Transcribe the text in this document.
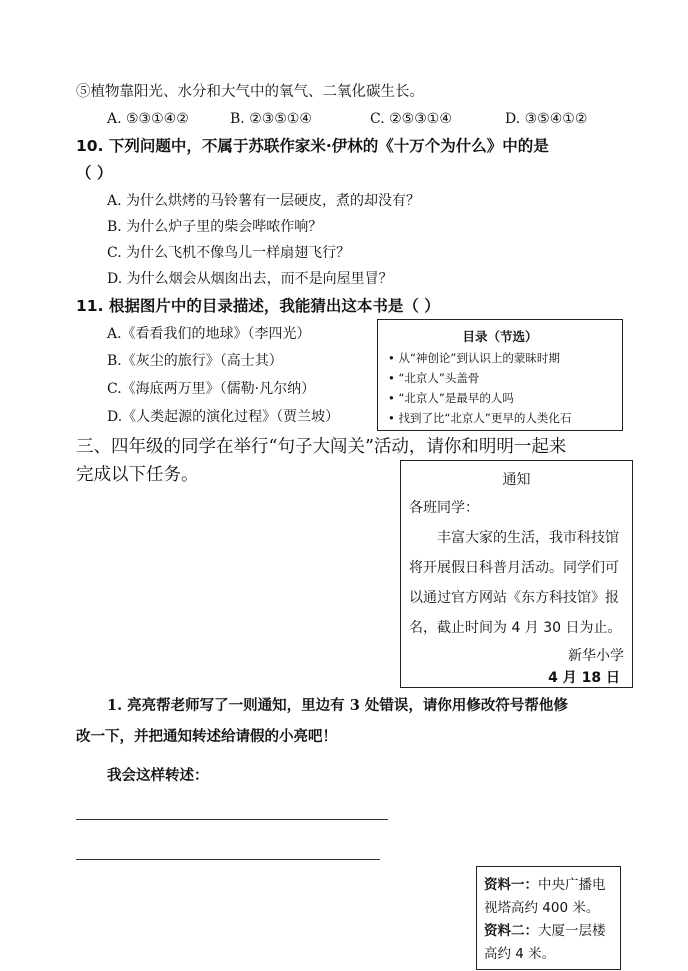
⑤植物靠阳光、水分和大气中的氧气、二氧化碳生长。
A. ⑤③①④②	B. ②③⑤①④	C. ②⑤③①④	D. ③⑤④①②
10. 下列问题中，不属于苏联作家米·伊林的《十万个为什么》中的是
（ ）
A. 为什么烘烤的马铃薯有一层硬皮，煮的却没有？
B. 为什么炉子里的柴会哔哝作响？
C. 为什么飞机不像鸟儿一样扇翅飞行？
D. 为什么烟会从烟囱出去，而不是向屋里冒？
11. 根据图片中的目录描述，我能猜出这本书是（ ）
A.《看看我们的地球》（李四光）
B.《灰尘的旅行》（高士其）
C.《海底两万里》（儒勒·凡尔纳）
D.《人类起源的演化过程》（贾兰坡）
目录（节选）
• 从“神创论”到认识上的蒙昧时期
• “北京人”头盖骨
• “北京人”是最早的人吗
• 找到了比“北京人”更早的人类化石
三、四年级的同学在举行“句子大闯关”活动，请你和明明一起来
完成以下任务。	通知
各班同学：
丰富大家的生活，我市科技馆
将开展假日科普月活动。同学们可
以通过官方网站《东方科技馆》报
名，截止时间为 4 月 30 日为止。
新华小学
4 月 18 日
1. 亮亮帮老师写了一则通知，里边有 3 处错误，请你用修改符号帮他修
改一下，并把通知转述给请假的小亮吧！
我会这样转述：
资料一：中央广播电
视塔高约 400 米。
资料二：大厦一层楼
高约 4 米。
